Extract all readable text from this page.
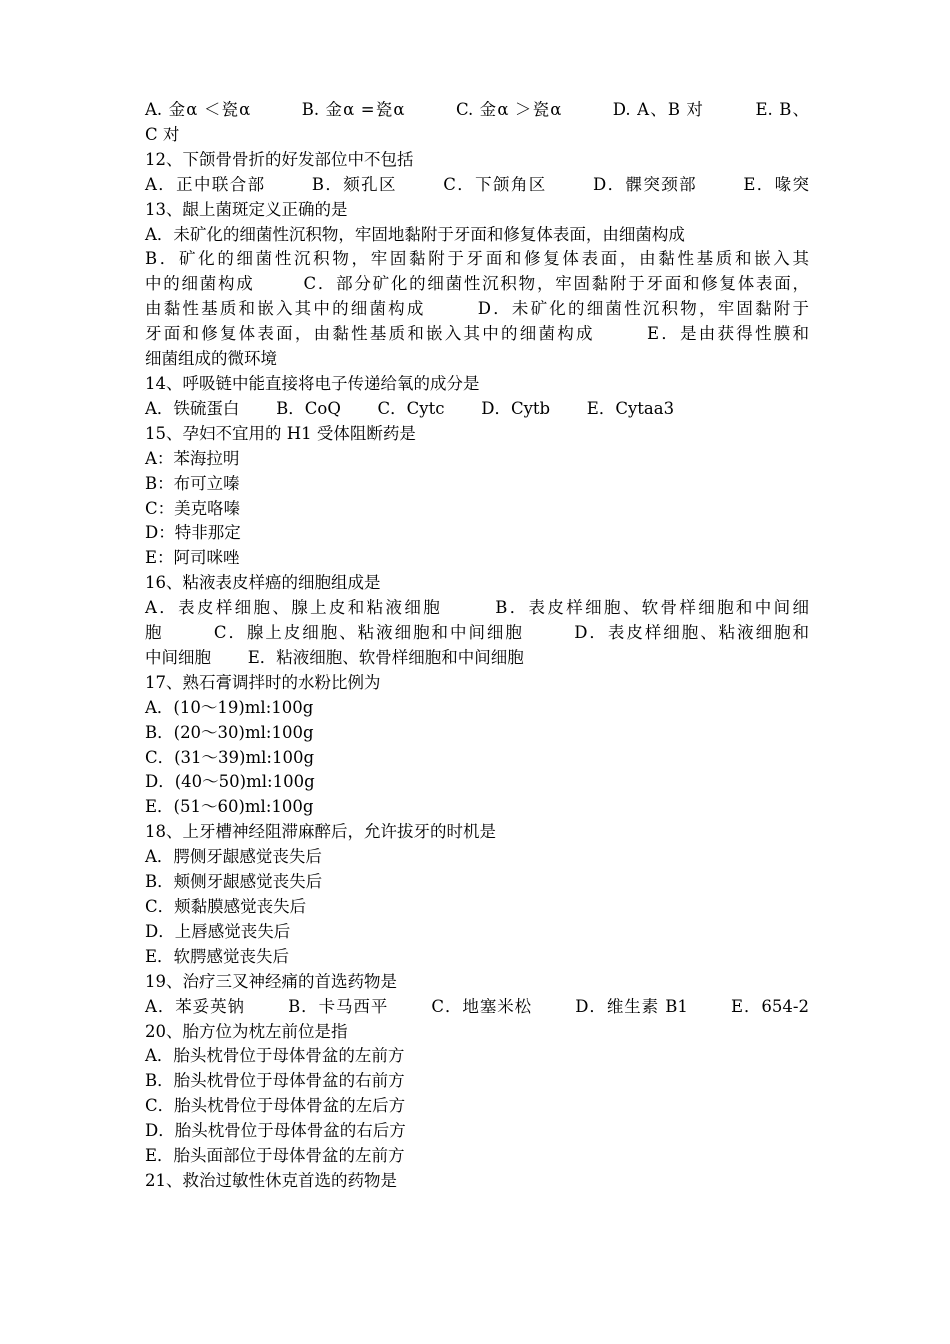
A. 金α ＜瓷α        B. 金α =瓷α        C. 金α ＞瓷α        D. A、B 对        E. B、
C 对
12、下颌骨骨折的好发部位中不包括
A．正中联合部       B．颏孔区       C．下颌角区       D．髁突颈部       E．喙突
13、龈上菌斑定义正确的是
A．未矿化的细菌性沉积物，牢固地黏附于牙面和修复体表面，由细菌构成
B．矿化的细菌性沉积物，牢固黏附于牙面和修复体表面，由黏性基质和嵌入其
中的细菌构成       C．部分矿化的细菌性沉积物，牢固黏附于牙面和修复体表面，
由黏性基质和嵌入其中的细菌构成       D．未矿化的细菌性沉积物，牢固黏附于
牙面和修复体表面，由黏性基质和嵌入其中的细菌构成       E．是由获得性膜和
细菌组成的微环境
14、呼吸链中能直接将电子传递给氧的成分是
A．铁硫蛋白       B．CoQ       C．Cytc       D．Cytb       E．Cytaa3
15、孕妇不宜用的 H1 受体阻断药是
A：苯海拉明
B：布可立嗪
C：美克咯嗪
D：特非那定
E：阿司咪唑
16、粘液表皮样癌的细胞组成是
A．表皮样细胞、腺上皮和粘液细胞       B．表皮样细胞、软骨样细胞和中间细
胞       C．腺上皮细胞、粘液细胞和中间细胞       D．表皮样细胞、粘液细胞和
中间细胞       E．粘液细胞、软骨样细胞和中间细胞
17、熟石膏调拌时的水粉比例为
A．(10～19)ml:100g
B．(20～30)ml:100g
C．(31～39)ml:100g
D．(40～50)ml:100g
E．(51～60)ml:100g
18、上牙槽神经阻滞麻醉后，允许拔牙的时机是
A．腭侧牙龈感觉丧失后
B．颊侧牙龈感觉丧失后
C．颊黏膜感觉丧失后
D．上唇感觉丧失后
E．软腭感觉丧失后
19、治疗三叉神经痛的首选药物是
A．苯妥英钠       B．卡马西平       C．地塞米松       D．维生素 B1       E．654-2
20、胎方位为枕左前位是指
A．胎头枕骨位于母体骨盆的左前方
B．胎头枕骨位于母体骨盆的右前方
C．胎头枕骨位于母体骨盆的左后方
D．胎头枕骨位于母体骨盆的右后方
E．胎头面部位于母体骨盆的左前方
21、救治过敏性休克首选的药物是
